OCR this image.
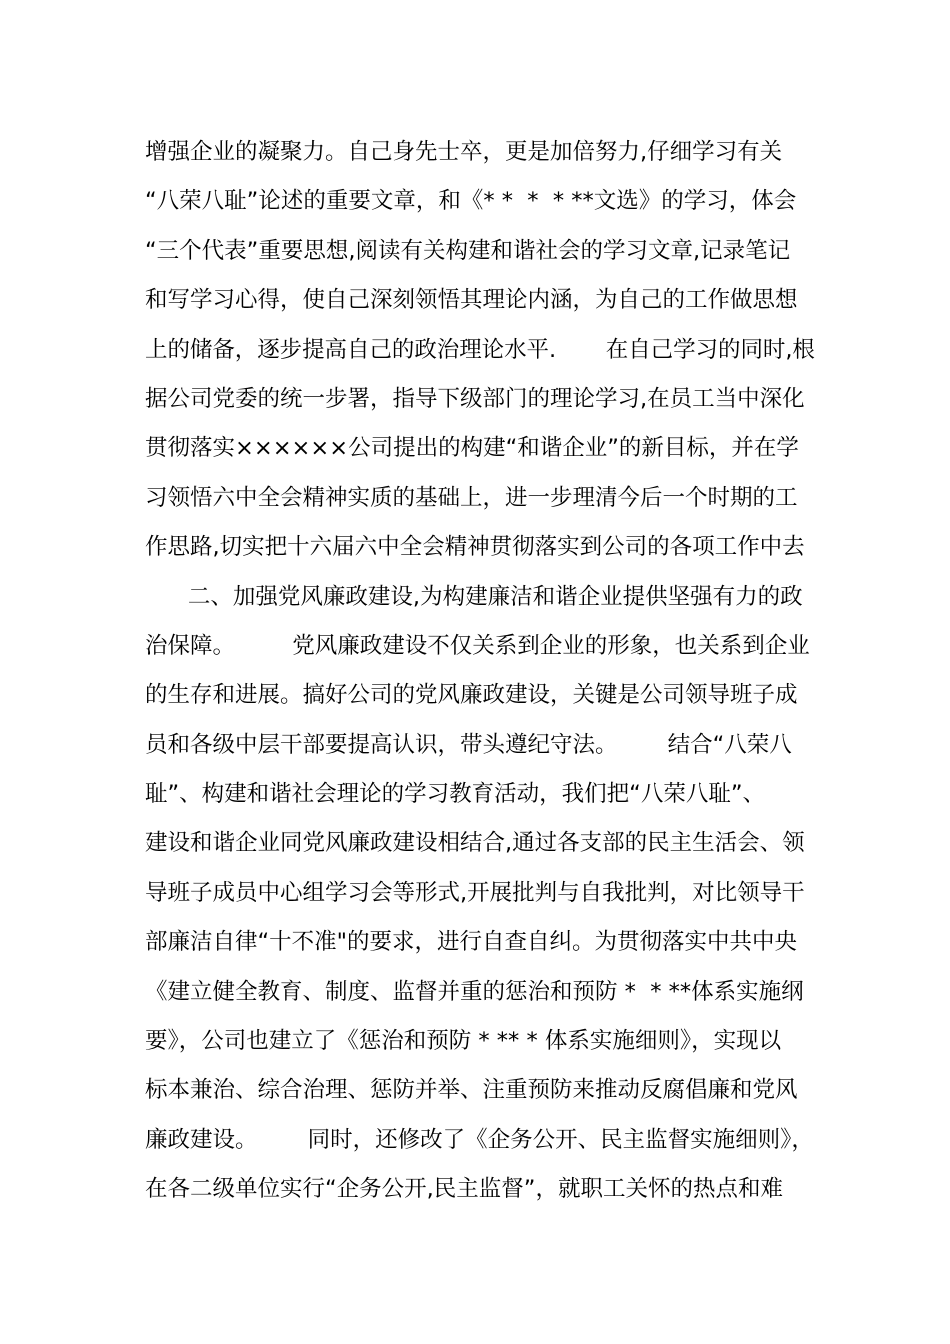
增强企业的凝聚力。自己身先士卒，更是加倍努力,仔细学习有关
“八荣八耻”论述的重要文章，和《* *  *  * **文选》的学习，体会
“三个代表”重要思想,阅读有关构建和谐社会的学习文章,记录笔记
和写学习心得，使自己深刻领悟其理论内涵，为自己的工作做思想
上的储备，逐步提高自己的政治理论水平.       在自己学习的同时,根
据公司党委的统一步署，指导下级部门的理论学习,在员工当中深化
贯彻落实××××××公司提出的构建“和谐企业”的新目标，并在学
习领悟六中全会精神实质的基础上，进一步理清今后一个时期的工
作思路,切实把十六届六中全会精神贯彻落实到公司的各项工作中去
二、加强党风廉政建设,为构建廉洁和谐企业提供坚强有力的政
治保障。        党风廉政建设不仅关系到企业的形象，也关系到企业
的生存和进展。搞好公司的党风廉政建设，关键是公司领导班子成
员和各级中层干部要提高认识，带头遵纪守法。       结合“八荣八
耻”、构建和谐社会理论的学习教育活动，我们把“八荣八耻”、
建设和谐企业同党风廉政建设相结合,通过各支部的民主生活会、领
导班子成员中心组学习会等形式,开展批判与自我批判，对比领导干
部廉洁自律“十不准"的要求，进行自查自纠。为贯彻落实中共中央
《建立健全教育、制度、监督并重的惩治和预防 *  * **体系实施纲
要》，公司也建立了《惩治和预防 * ** * 体系实施细则》，实现以
标本兼治、综合治理、惩防并举、注重预防来推动反腐倡廉和党风
廉政建设。       同时，还修改了《企务公开、民主监督实施细则》，
在各二级单位实行“企务公开,民主监督”，就职工关怀的热点和难
